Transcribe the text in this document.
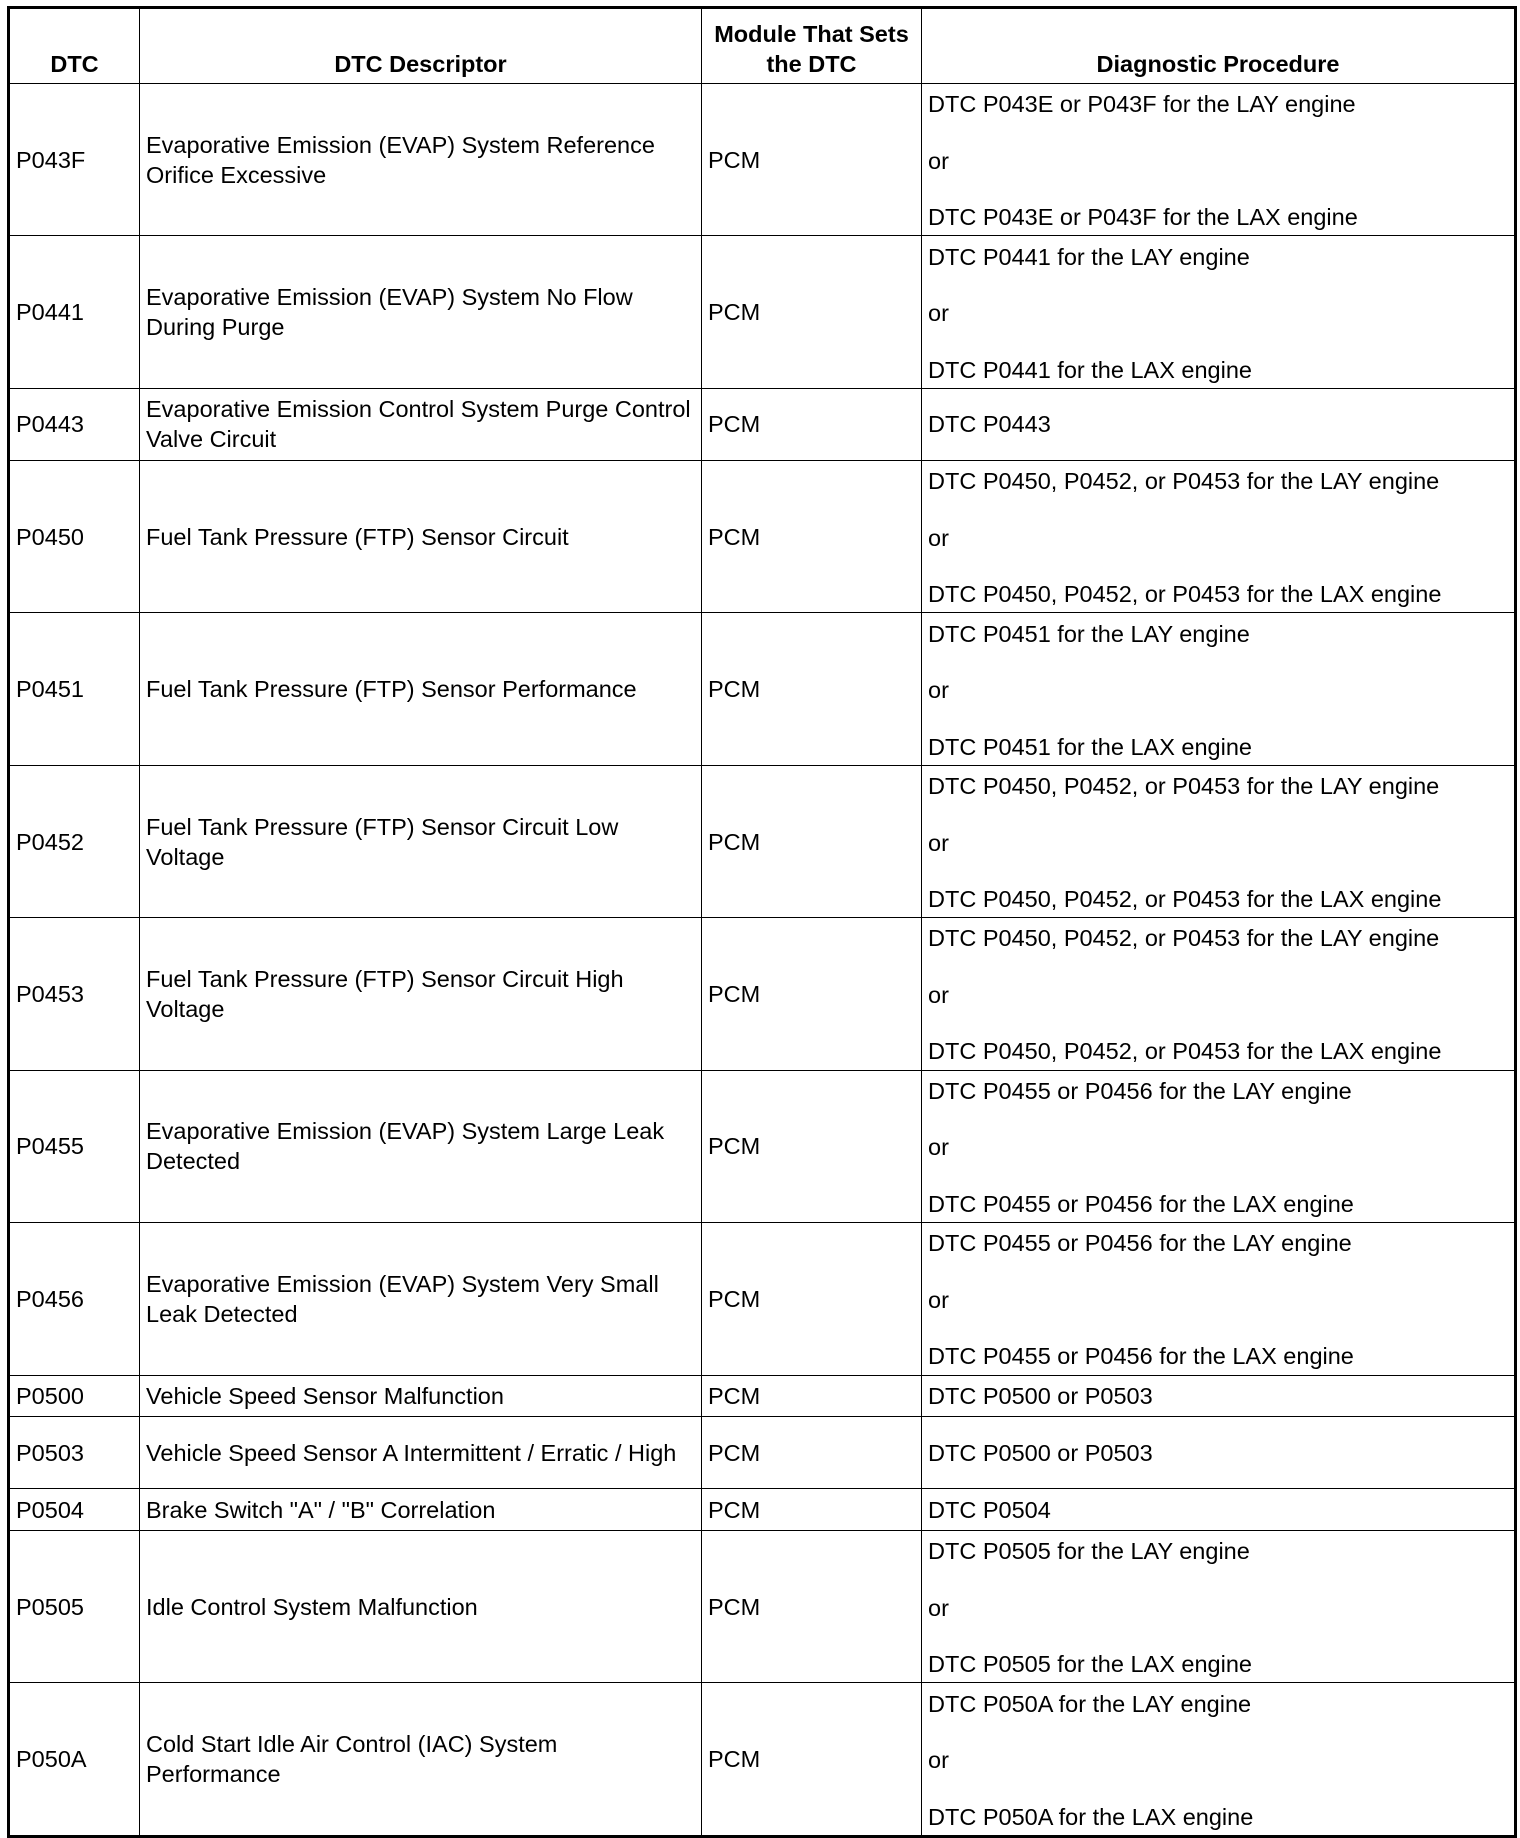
DTC	DTC Descriptor	Module That Sets the DTC	Diagnostic Procedure
P043F	Evaporative Emission (EVAP) System Reference Orifice Excessive	PCM	DTC P043E or P043F for the LAY engine
or
DTC P043E or P043F for the LAX engine

P0441	Evaporative Emission (EVAP) System No Flow During Purge	PCM	DTC P0441 for the LAY engine
or
DTC P0441 for the LAX engine

P0443	Evaporative Emission Control System Purge Control Valve Circuit	PCM	DTC P0443
P0450	Fuel Tank Pressure (FTP) Sensor Circuit	PCM	DTC P0450, P0452, or P0453 for the LAY engine
or
DTC P0450, P0452, or P0453 for the LAX engine

P0451	Fuel Tank Pressure (FTP) Sensor Performance	PCM	DTC P0451 for the LAY engine
or
DTC P0451 for the LAX engine

P0452	Fuel Tank Pressure (FTP) Sensor Circuit Low Voltage	PCM	DTC P0450, P0452, or P0453 for the LAY engine
or
DTC P0450, P0452, or P0453 for the LAX engine

P0453	Fuel Tank Pressure (FTP) Sensor Circuit High Voltage	PCM	DTC P0450, P0452, or P0453 for the LAY engine
or
DTC P0450, P0452, or P0453 for the LAX engine

P0455	Evaporative Emission (EVAP) System Large Leak Detected	PCM	DTC P0455 or P0456 for the LAY engine
or
DTC P0455 or P0456 for the LAX engine

P0456	Evaporative Emission (EVAP) System Very Small Leak Detected	PCM	DTC P0455 or P0456 for the LAY engine
or
DTC P0455 or P0456 for the LAX engine

P0500	Vehicle Speed Sensor Malfunction	PCM	DTC P0500 or P0503
P0503	Vehicle Speed Sensor A Intermittent / Erratic / High	PCM	DTC P0500 or P0503
P0504	Brake Switch "A" / "B" Correlation	PCM	DTC P0504
P0505	Idle Control System Malfunction	PCM	DTC P0505 for the LAY engine
or
DTC P0505 for the LAX engine

P050A	Cold Start Idle Air Control (IAC) System Performance	PCM	DTC P050A for the LAY engine
or
DTC P050A for the LAX engine
